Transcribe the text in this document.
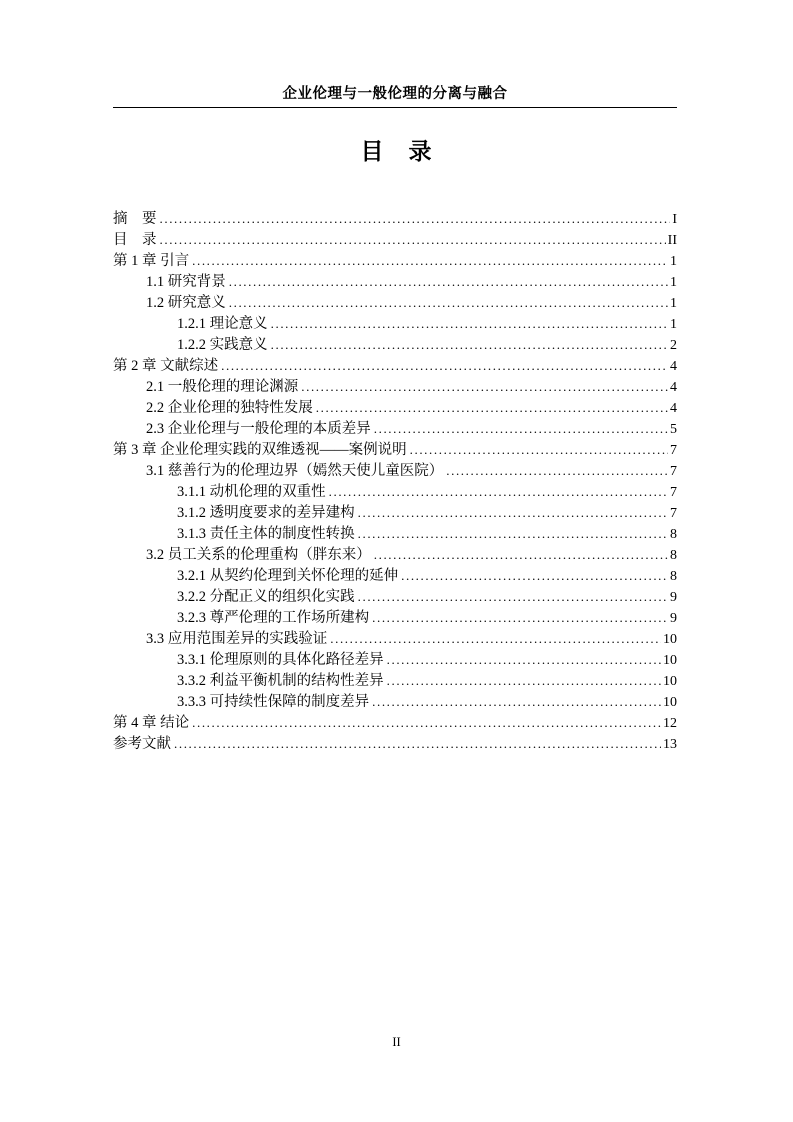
企业伦理与一般伦理的分离与融合
目　录
摘　要 .....	I
目　录 .....	II
第 1 章 引言 .....	1
1.1 研究背景 .....	1
1.2 研究意义 .....	1
1.2.1 理论意义 .....	1
1.2.2 实践意义 .....	2
第 2 章 文献综述 .....	4
2.1 一般伦理的理论渊源 .....	4
2.2 企业伦理的独特性发展 .....	4
2.3 企业伦理与一般伦理的本质差异 .....	5
第 3 章 企业伦理实践的双维透视——案例说明 .....	7
3.1 慈善行为的伦理边界（嫣然天使儿童医院） .....	7
3.1.1 动机伦理的双重性 .....	7
3.1.2 透明度要求的差异建构 .....	7
3.1.3 责任主体的制度性转换 .....	8
3.2 员工关系的伦理重构（胖东来） .....	8
3.2.1 从契约伦理到关怀伦理的延伸 .....	8
3.2.2 分配正义的组织化实践 .....	9
3.2.3 尊严伦理的工作场所建构 .....	9
3.3 应用范围差异的实践验证 .....	10
3.3.1 伦理原则的具体化路径差异 .....	10
3.3.2 利益平衡机制的结构性差异 .....	10
3.3.3 可持续性保障的制度差异 .....	10
第 4 章 结论 .....	12
参考文献 .....	13
II
